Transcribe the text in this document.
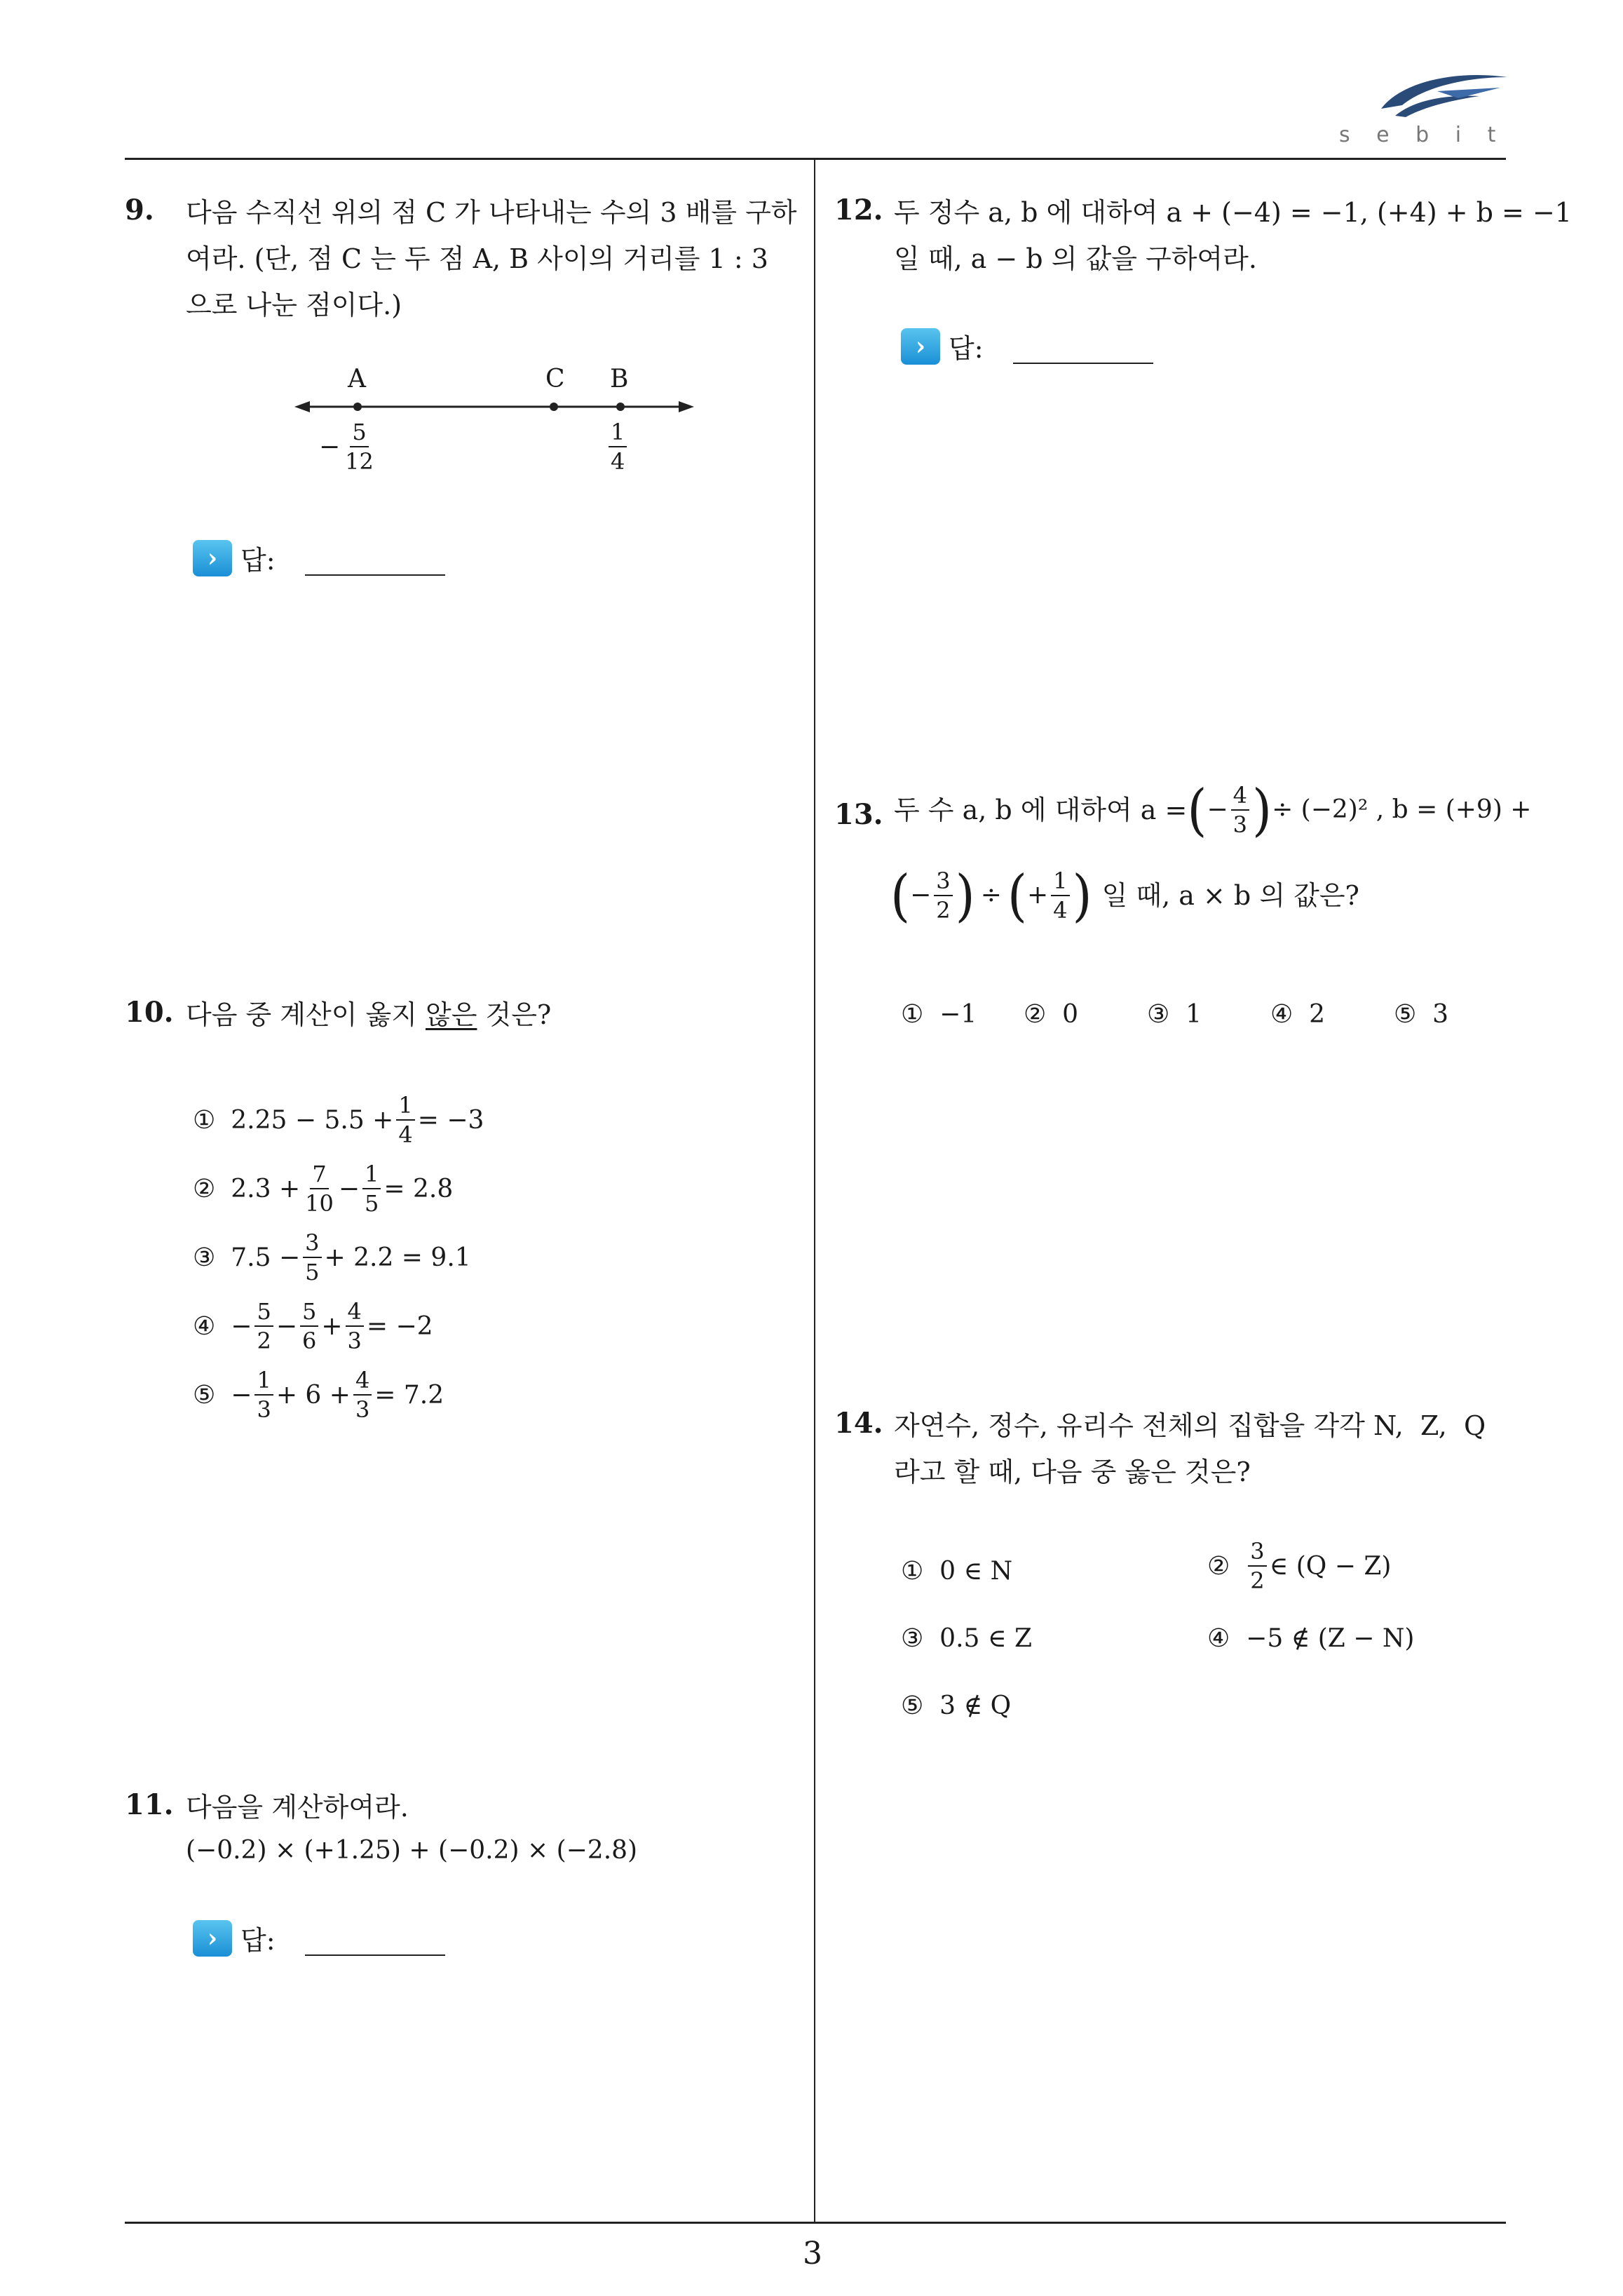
s e b i t
3
9. 다음 수직선 위의 점 C 가 나타내는 수의 3 배를 구하
여라. (단, 점 C 는 두 점 A, B 사이의 거리를 1 : 3
으로 나눈 점이다.)
A	C B
− $\frac{5}{12}$	$\frac{1}{4}$
› 답:
10. 다음 중 계산이 옳지 않은 것은?
① $2.25 - 5.5 + \frac{1}{4} = -3$
② $2.3 + \frac{7}{10} - \frac{1}{5} = 2.8$
③ $7.5 - \frac{3}{5} + 2.2 = 9.1$
④ − $\frac{5}{2} - \frac{5}{6} + \frac{4}{3} = -2$
⑤ − $\frac{1}{3} + 6 + \frac{4}{3} = 7.2$
11. 다음을 계산하여라.
(−0.2) × (+1.25) + (−0.2) × (−2.8)
› 답:
12. 두 정수 a, b 에 대하여 a + (−4) = −1, (+4) + b = −1
일 때, a − b 의 값을 구하여라.
› 답:
13. 두 수 a, b 에 대하여 a = ( − $\frac{4}{3}$ ) ÷ (−2)² , b = (+9) +
( − $\frac{3}{2}$ ) ÷ ( + $\frac{1}{4}$ ) 일 때, a × b 의 값은?
①  −1 ②  0	③  1	④  2	⑤  3
14. 자연수, 정수, 유리수 전체의 집합을 각각 N,  Z,  Q
라고 할 때, 다음 중 옳은 것은?
①  0 ∈ N	② $\frac{3}{2}$ ∈ (Q − Z)
③  0.5 ∈ Z	④  −5 ∉ (Z − N)
⑤  3 ∉ Q
